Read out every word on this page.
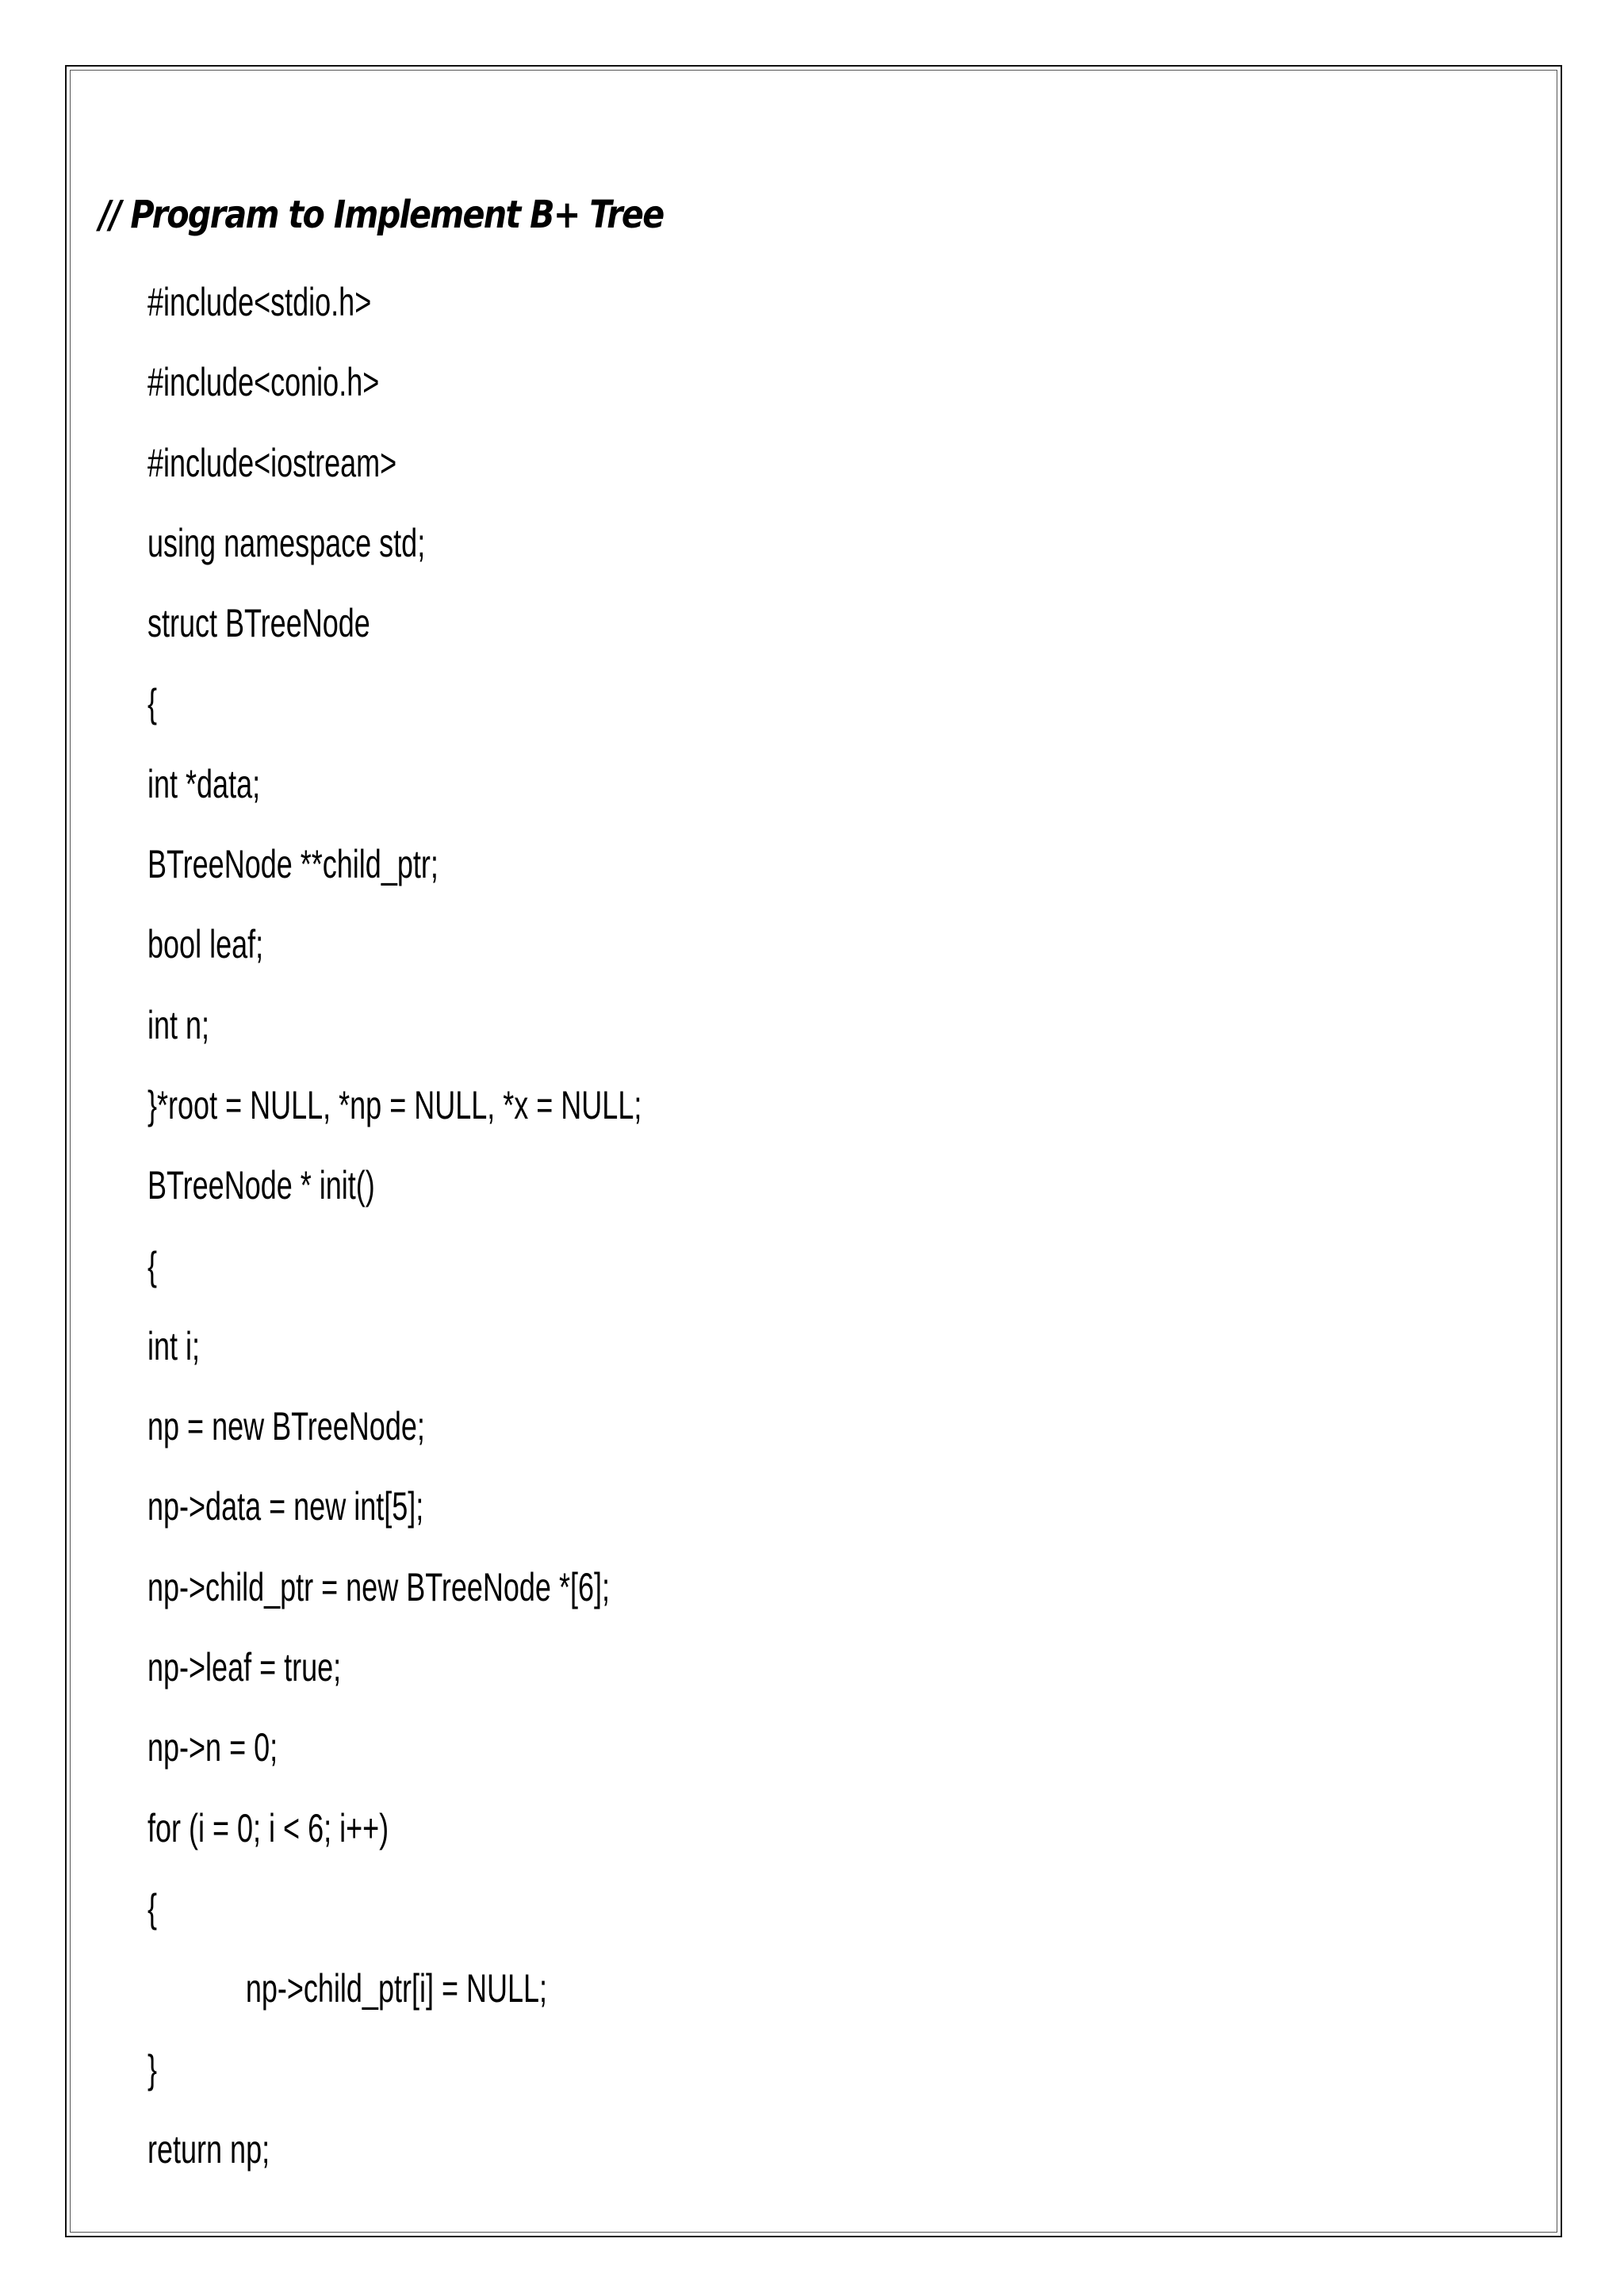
// Program to Implement B+ Tree
#include<stdio.h>
#include<conio.h>
#include<iostream>
using namespace std;
struct BTreeNode
{
int *data;
BTreeNode **child_ptr;
bool leaf;
int n;
}*root = NULL, *np = NULL, *x = NULL;
BTreeNode * init()
{
int i;
np = new BTreeNode;
np->data = new int[5];
np->child_ptr = new BTreeNode *[6];
np->leaf = true;
np->n = 0;
for (i = 0; i < 6; i++)
{
np->child_ptr[i] = NULL;
}
return np;
